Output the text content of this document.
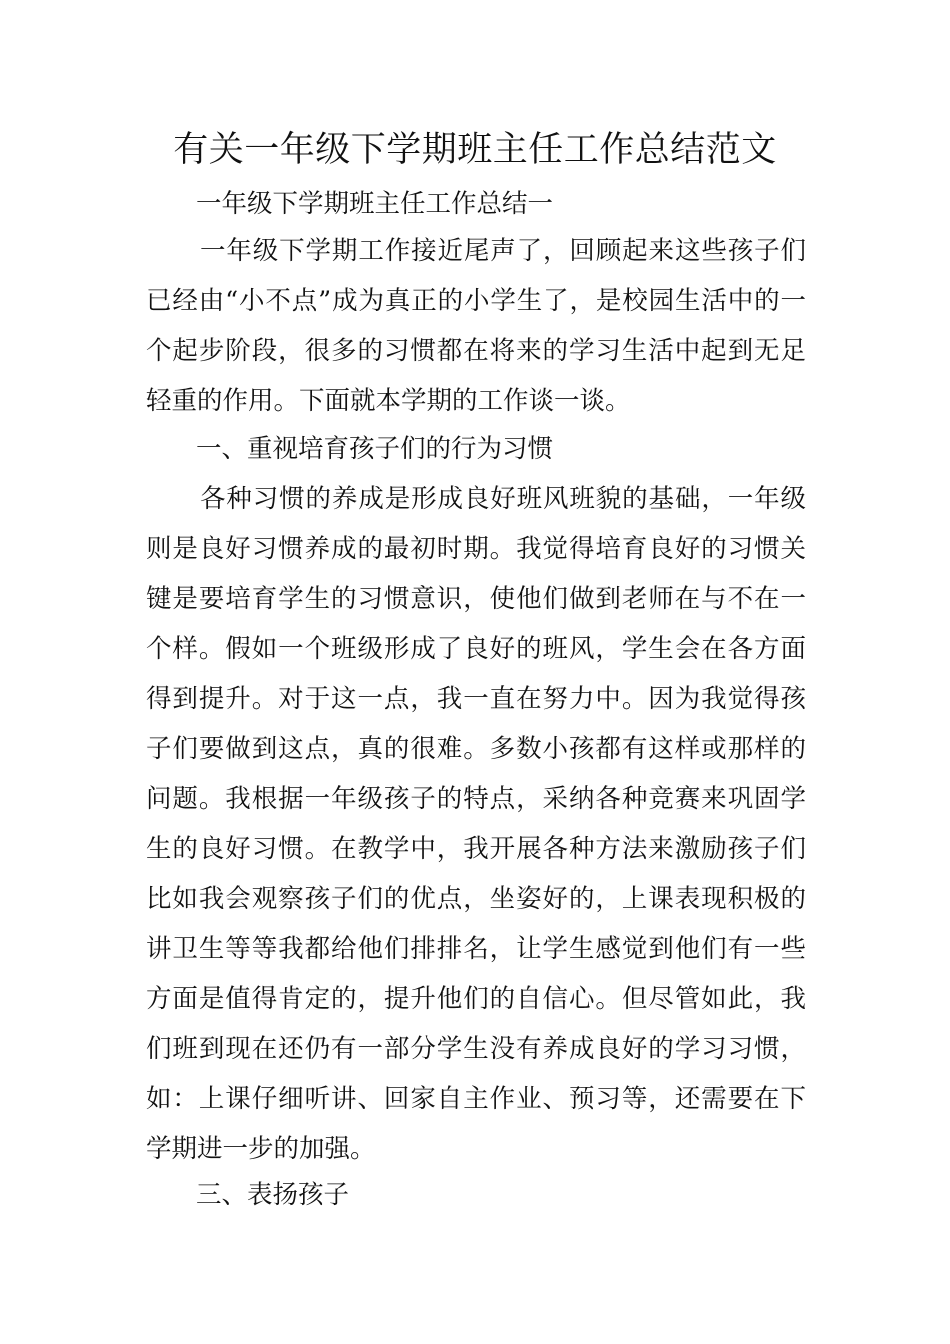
有关一年级下学期班主任工作总结范文

一年级下学期班主任工作总结一

一年级下学期工作接近尾声了，回顾起来这些孩子们已经由“小不点”成为真正的小学生了，是校园生活中的一个起步阶段，很多的习惯都在将来的学习生活中起到无足轻重的作用。下面就本学期的工作谈一谈。

一、重视培育孩子们的行为习惯

各种习惯的养成是形成良好班风班貌的基础，一年级则是良好习惯养成的最初时期。我觉得培育良好的习惯关键是要培育学生的习惯意识，使他们做到老师在与不在一个样。假如一个班级形成了良好的班风，学生会在各方面得到提升。对于这一点，我一直在努力中。因为我觉得孩子们要做到这点，真的很难。多数小孩都有这样或那样的问题。我根据一年级孩子的特点，采纳各种竞赛来巩固学生的良好习惯。在教学中，我开展各种方法来激励孩子们比如我会观察孩子们的优点，坐姿好的，上课表现积极的讲卫生等等我都给他们排排名，让学生感觉到他们有一些方面是值得肯定的，提升他们的自信心。但尽管如此，我们班到现在还仍有一部分学生没有养成良好的学习习惯，如：上课仔细听讲、回家自主作业、预习等，还需要在下学期进一步的加强。

三、表扬孩子
